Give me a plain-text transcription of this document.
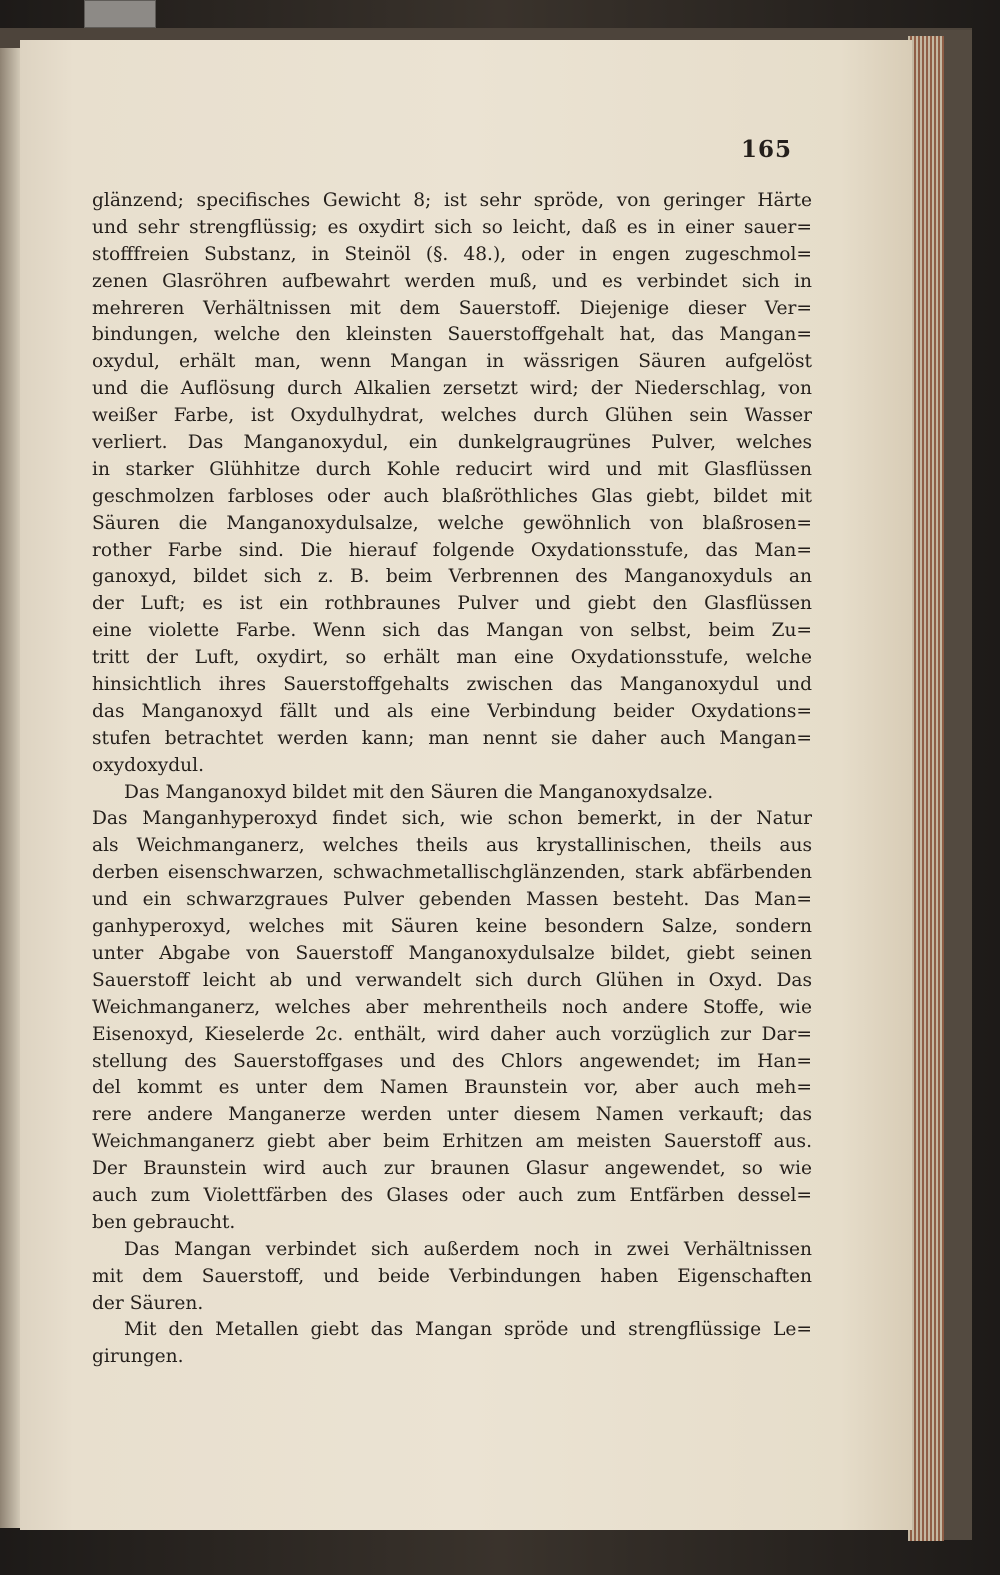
165
glänzend; specifisches Gewicht 8; ist sehr spröde, von geringer Härte
und sehr strengflüssig; es oxydirt sich so leicht, daß es in einer sauer=
stofffreien Substanz, in Steinöl (§. 48.), oder in engen zugeschmol=
zenen Glasröhren aufbewahrt werden muß, und es verbindet sich in
mehreren Verhältnissen mit dem Sauerstoff. Diejenige dieser Ver=
bindungen, welche den kleinsten Sauerstoffgehalt hat, das Mangan=
oxydul, erhält man, wenn Mangan in wässrigen Säuren aufgelöst
und die Auflösung durch Alkalien zersetzt wird; der Niederschlag, von
weißer Farbe, ist Oxydulhydrat, welches durch Glühen sein Wasser
verliert. Das Manganoxydul, ein dunkelgraugrünes Pulver, welches
in starker Glühhitze durch Kohle reducirt wird und mit Glasflüssen
geschmolzen farbloses oder auch blaßröthliches Glas giebt, bildet mit
Säuren die Manganoxydulsalze, welche gewöhnlich von blaßrosen=
rother Farbe sind. Die hierauf folgende Oxydationsstufe, das Man=
ganoxyd, bildet sich z. B. beim Verbrennen des Manganoxyduls an
der Luft; es ist ein rothbraunes Pulver und giebt den Glasflüssen
eine violette Farbe. Wenn sich das Mangan von selbst, beim Zu=
tritt der Luft, oxydirt, so erhält man eine Oxydationsstufe, welche
hinsichtlich ihres Sauerstoffgehalts zwischen das Manganoxydul und
das Manganoxyd fällt und als eine Verbindung beider Oxydations=
stufen betrachtet werden kann; man nennt sie daher auch Mangan=
oxydoxydul.
Das Manganoxyd bildet mit den Säuren die Manganoxydsalze.
Das Manganhyperoxyd findet sich, wie schon bemerkt, in der Natur
als Weichmanganerz, welches theils aus krystallinischen, theils aus
derben eisenschwarzen, schwachmetallischglänzenden, stark abfärbenden
und ein schwarzgraues Pulver gebenden Massen besteht. Das Man=
ganhyperoxyd, welches mit Säuren keine besondern Salze, sondern
unter Abgabe von Sauerstoff Manganoxydulsalze bildet, giebt seinen
Sauerstoff leicht ab und verwandelt sich durch Glühen in Oxyd. Das
Weichmanganerz, welches aber mehrentheils noch andere Stoffe, wie
Eisenoxyd, Kieselerde 2c. enthält, wird daher auch vorzüglich zur Dar=
stellung des Sauerstoffgases und des Chlors angewendet; im Han=
del kommt es unter dem Namen Braunstein vor, aber auch meh=
rere andere Manganerze werden unter diesem Namen verkauft; das
Weichmanganerz giebt aber beim Erhitzen am meisten Sauerstoff aus.
Der Braunstein wird auch zur braunen Glasur angewendet, so wie
auch zum Violettfärben des Glases oder auch zum Entfärben dessel=
ben gebraucht.
Das Mangan verbindet sich außerdem noch in zwei Verhältnissen
mit dem Sauerstoff, und beide Verbindungen haben Eigenschaften
der Säuren.
Mit den Metallen giebt das Mangan spröde und strengflüssige Le=
girungen.
